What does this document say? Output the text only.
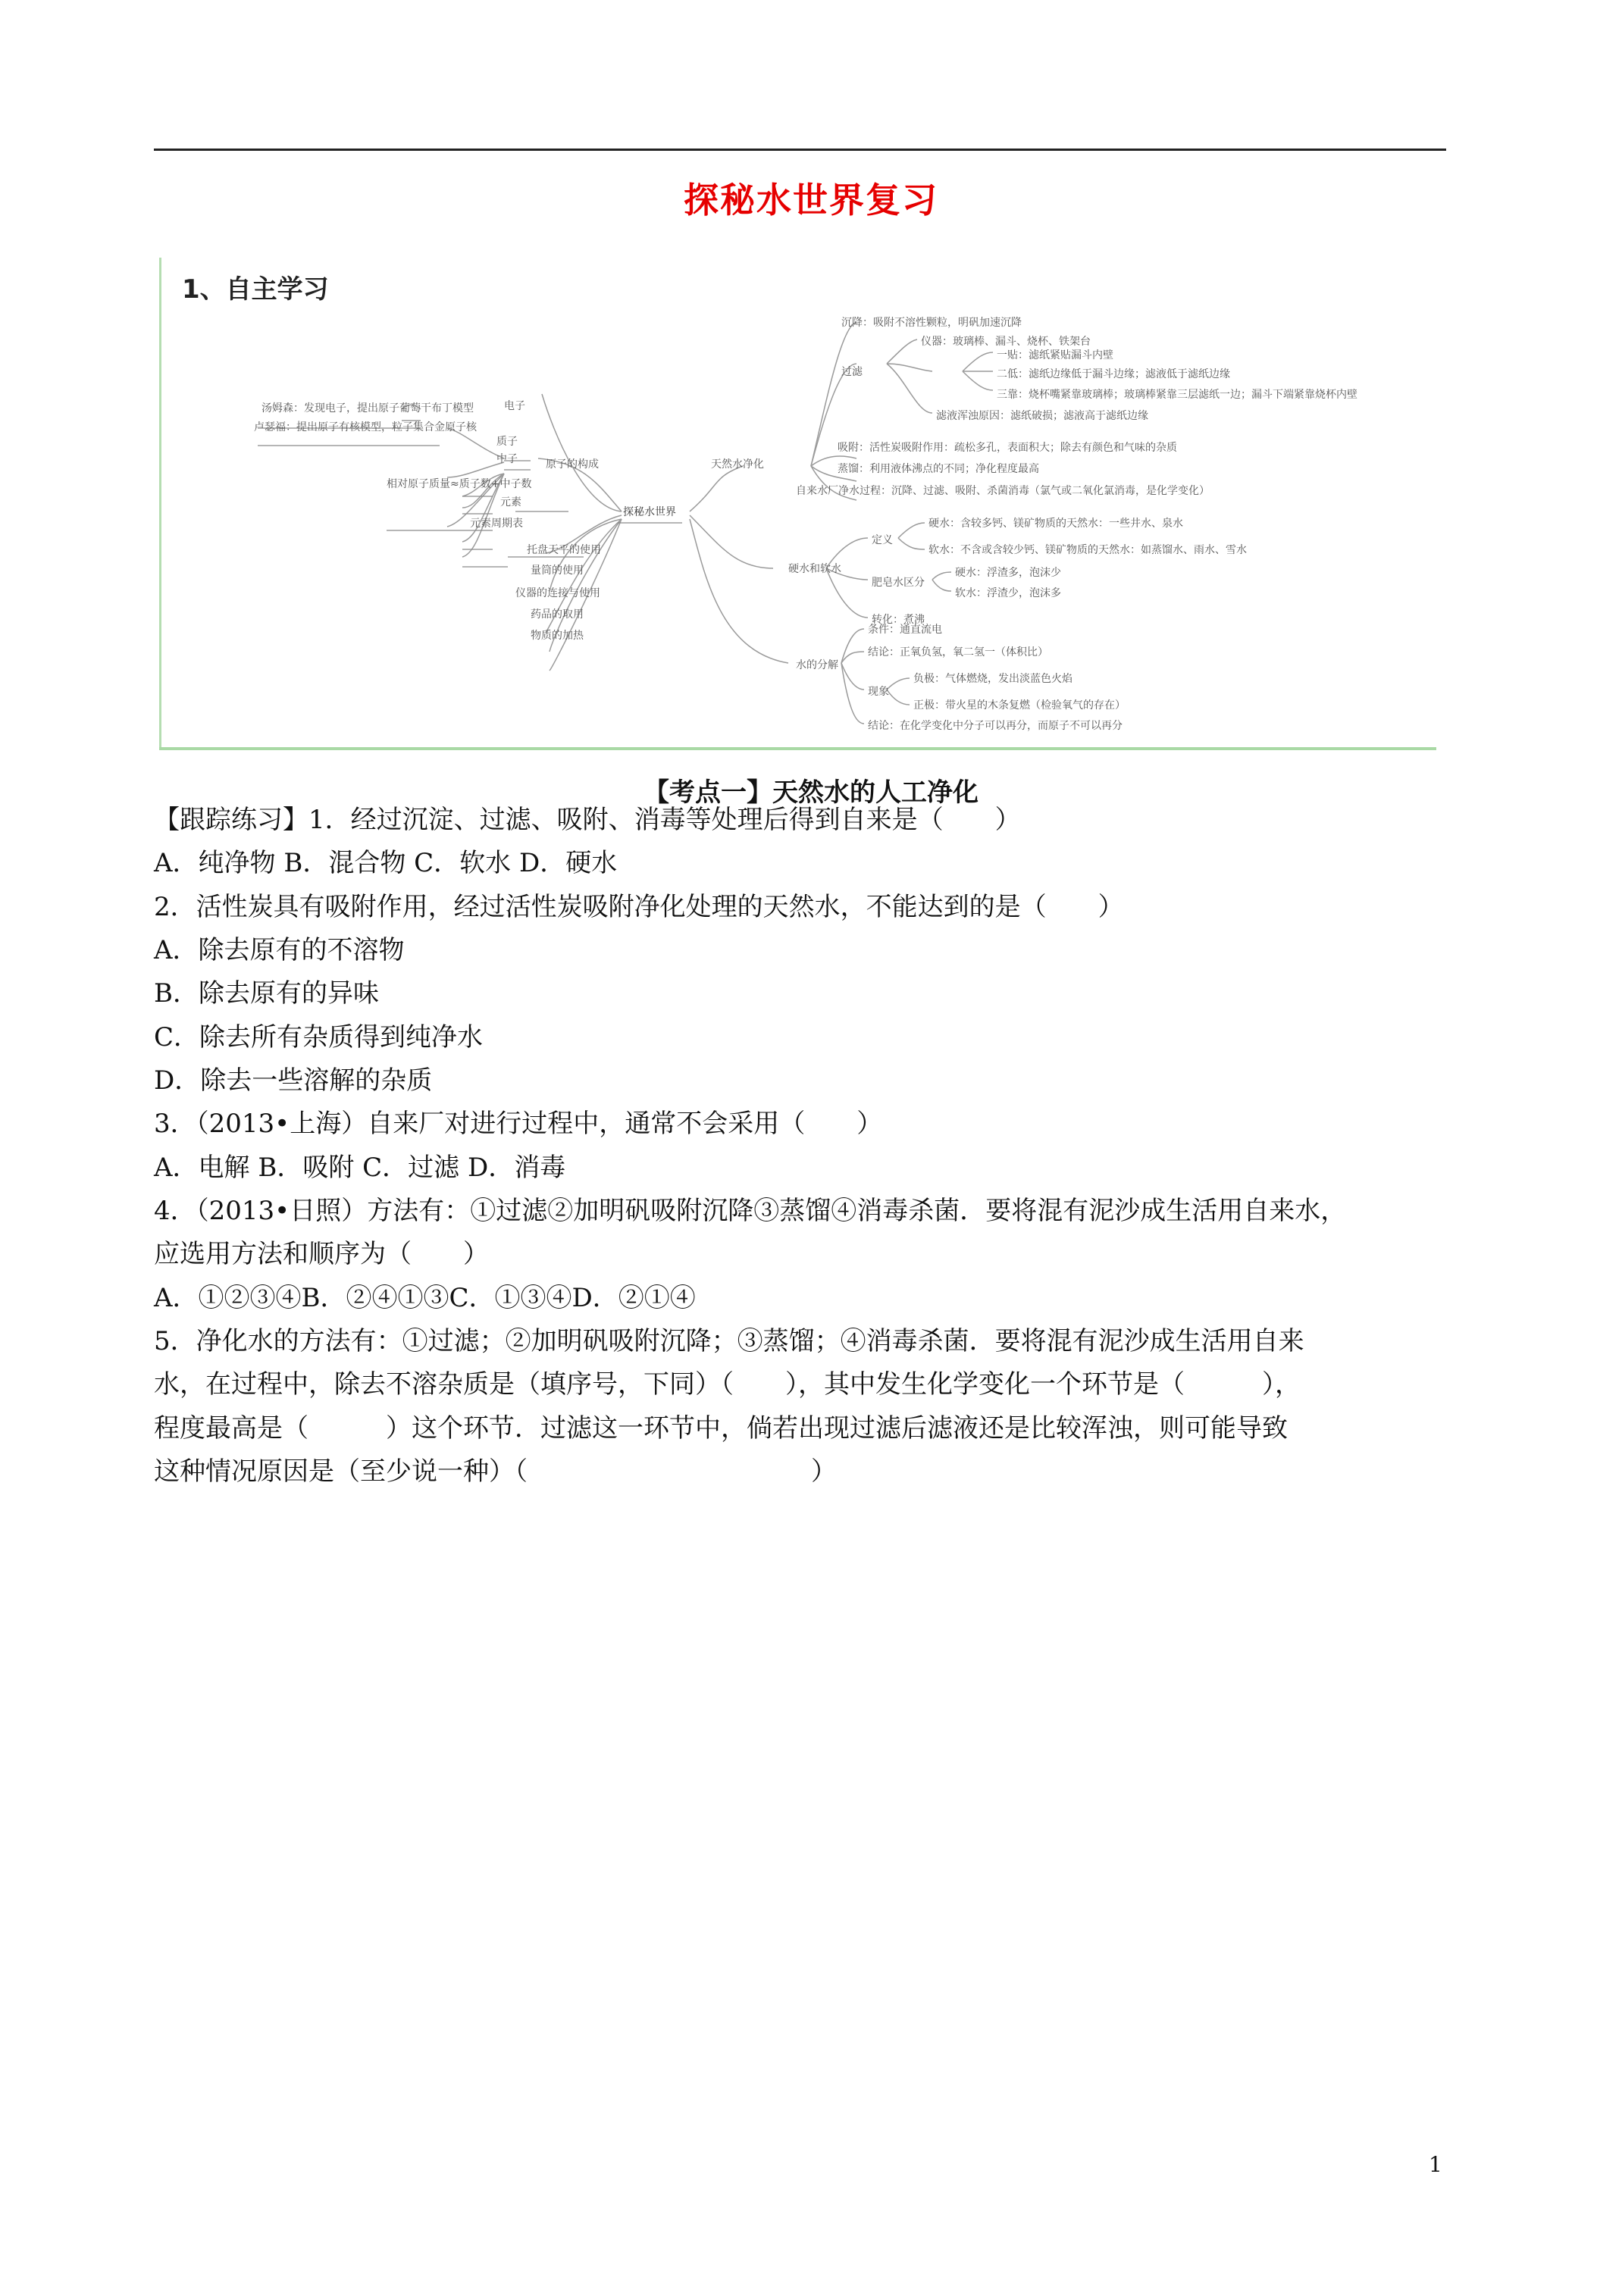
探秘水世界复习
1、自主学习
汤姆森：发现电子，提出原子葡萄干布丁模型
卢瑟福：提出原子有核模型，粒子集合金原子核
电子
质子
中子
相对原子质量≈质子数+中子数
元素
元素周期表
原子的构成
托盘天平的使用
量筒的使用
仪器的连接与使用
药品的取用
物质的加热
探秘水世界
天然水净化
沉降：吸附不溶性颗粒，明矾加速沉降
仪器：玻璃棒、漏斗、烧杯、铁架台
过滤
一贴：滤纸紧贴漏斗内壁
二低：滤纸边缘低于漏斗边缘；滤液低于滤纸边缘
三靠：烧杯嘴紧靠玻璃棒；玻璃棒紧靠三层滤纸一边；漏斗下端紧靠烧杯内壁
滤液浑浊原因：滤纸破损；滤液高于滤纸边缘
吸附：活性炭吸附作用：疏松多孔，表面积大；除去有颜色和气味的杂质
蒸馏：利用液体沸点的不同；净化程度最高
自来水厂净水过程：沉降、过滤、吸附、杀菌消毒（氯气或二氧化氯消毒，是化学变化）
硬水和软水
定义
硬水：含较多钙、镁矿物质的天然水：一些井水、泉水
软水：不含或含较少钙、镁矿物质的天然水：如蒸馏水、雨水、雪水
肥皂水区分
硬水：浮渣多，泡沫少
软水：浮渣少，泡沫多
转化：煮沸
水的分解
条件：通直流电
结论：正氧负氢，氧二氢一（体积比）
现象
负极：气体燃烧，发出淡蓝色火焰
正极：带火星的木条复燃（检验氧气的存在）
结论：在化学变化中分子可以再分，而原子不可以再分
【考点一】天然水的人工净化
【跟踪练习】1．经过沉淀、过滤、吸附、消毒等处理后得到自来是（　　）
A．纯净物 B．混合物 C．软水 D．硬水
2．活性炭具有吸附作用，经过活性炭吸附净化处理的天然水，不能达到的是（　　）
A．除去原有的不溶物
B．除去原有的异味
C．除去所有杂质得到纯净水
D．除去一些溶解的杂质
3．（2013•上海）自来厂对进行过程中，通常不会采用（　　）
A．电解 B．吸附 C．过滤 D．消毒
4．（2013•日照）方法有：①过滤②加明矾吸附沉降③蒸馏④消毒杀菌．要将混有泥沙成生活用自来水，
应选用方法和顺序为（　　）
A．①②③④B．②④①③C．①③④D．②①④
5．净化水的方法有：①过滤；②加明矾吸附沉降；③蒸馏；④消毒杀菌．要将混有泥沙成生活用自来
水，在过程中，除去不溶杂质是（填序号，下同）（　　），其中发生化学变化一个环节是（　　　），
程度最高是（　　　）这个环节．过滤这一环节中，倘若出现过滤后滤液还是比较浑浊，则可能导致
这种情况原因是（至少说一种）（　　　　　　　　　　　）
1
